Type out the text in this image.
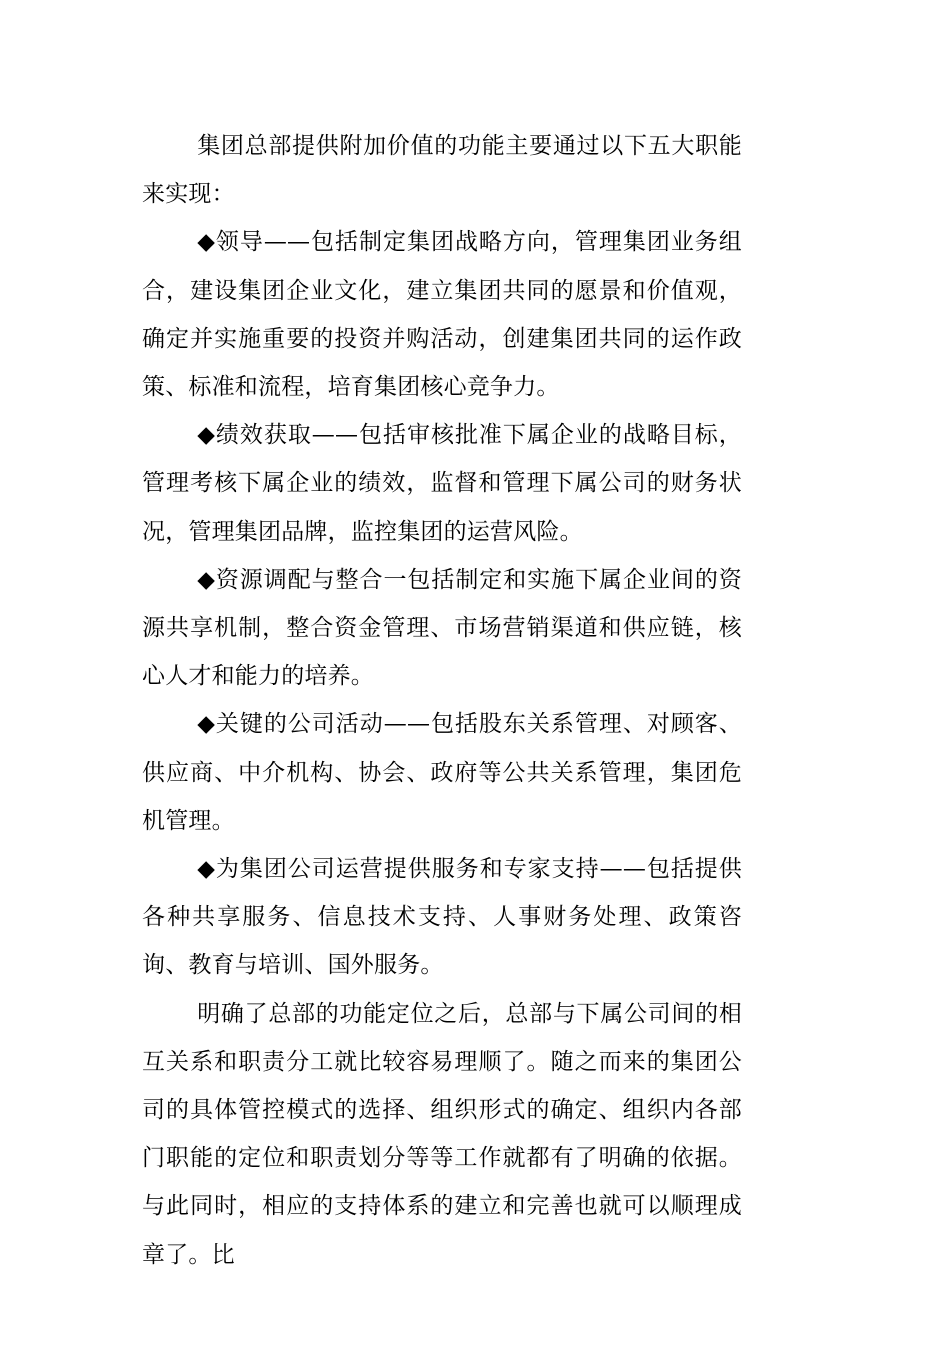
集团总部提供附加价值的功能主要通过以下五大职能来实现：

◆领导——包括制定集团战略方向，管理集团业务组合，建设集团企业文化，建立集团共同的愿景和价值观，确定并实施重要的投资并购活动，创建集团共同的运作政策、标准和流程，培育集团核心竞争力。

◆绩效获取——包括审核批准下属企业的战略目标，管理考核下属企业的绩效，监督和管理下属公司的财务状况，管理集团品牌，监控集团的运营风险。

◆资源调配与整合一包括制定和实施下属企业间的资源共享机制，整合资金管理、市场营销渠道和供应链，核心人才和能力的培养。

◆关键的公司活动——包括股东关系管理、对顾客、供应商、中介机构、协会、政府等公共关系管理，集团危机管理。

◆为集团公司运营提供服务和专家支持——包括提供各种共享服务、信息技术支持、人事财务处理、政策咨询、教育与培训、国外服务。

明确了总部的功能定位之后，总部与下属公司间的相互关系和职责分工就比较容易理顺了。随之而来的集团公司的具体管控模式的选择、组织形式的确定、组织内各部门职能的定位和职责划分等等工作就都有了明确的依据。与此同时，相应的支持体系的建立和完善也就可以顺理成章了。比
